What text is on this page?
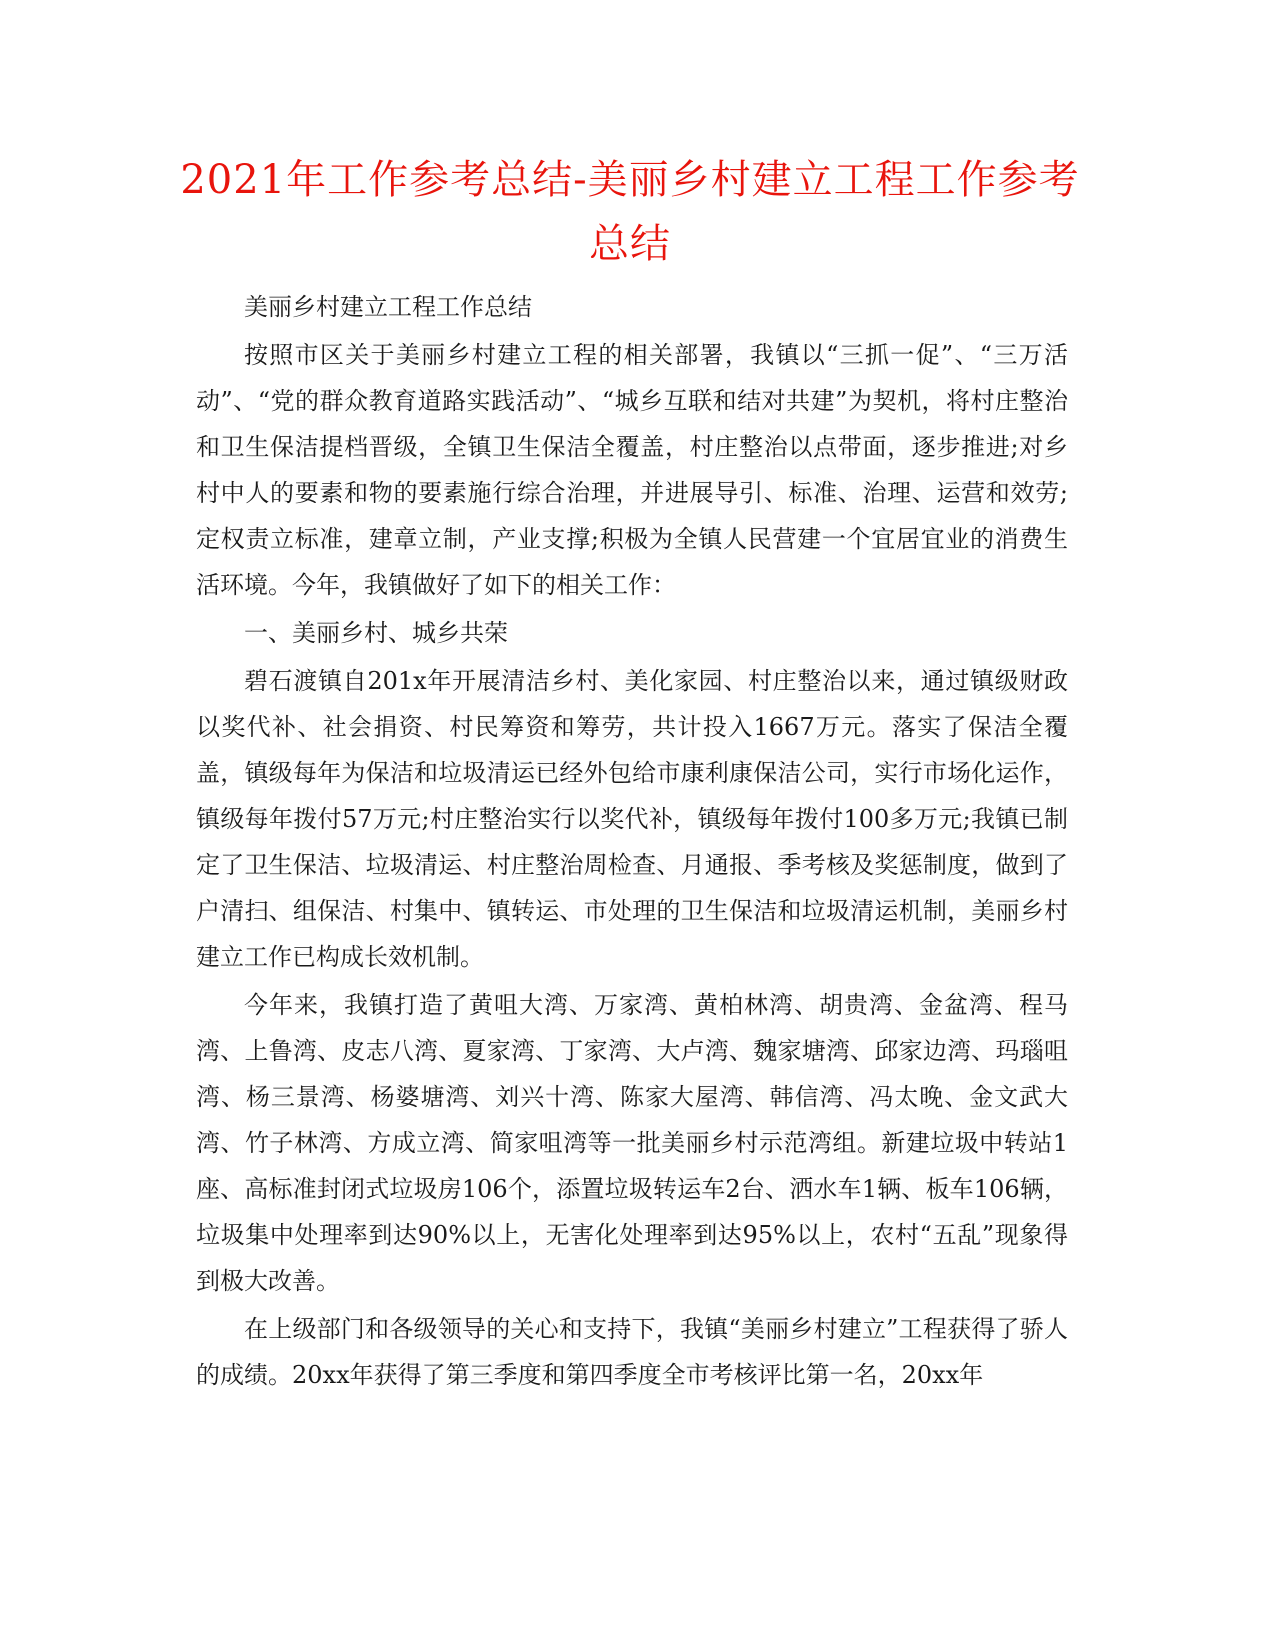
2021年工作参考总结-美丽乡村建立工程工作参考总结

美丽乡村建立工程工作总结

按照市区关于美丽乡村建立工程的相关部署，我镇以“三抓一促”、“三万活动”、“党的群众教育道路实践活动”、“城乡互联和结对共建”为契机，将村庄整治和卫生保洁提档晋级，全镇卫生保洁全覆盖，村庄整治以点带面，逐步推进;对乡村中人的要素和物的要素施行综合治理，并进展导引、标准、治理、运营和效劳;定权责立标准，建章立制，产业支撑;积极为全镇人民营建一个宜居宜业的消费生活环境。今年，我镇做好了如下的相关工作：

一、美丽乡村、城乡共荣

碧石渡镇自201x年开展清洁乡村、美化家园、村庄整治以来，通过镇级财政以奖代补、社会捐资、村民筹资和筹劳，共计投入1667万元。落实了保洁全覆盖，镇级每年为保洁和垃圾清运已经外包给市康利康保洁公司，实行市场化运作，镇级每年拨付57万元;村庄整治实行以奖代补，镇级每年拨付100多万元;我镇已制定了卫生保洁、垃圾清运、村庄整治周检查、月通报、季考核及奖惩制度，做到了户清扫、组保洁、村集中、镇转运、市处理的卫生保洁和垃圾清运机制，美丽乡村建立工作已构成长效机制。

今年来，我镇打造了黄咀大湾、万家湾、黄柏林湾、胡贵湾、金盆湾、程马湾、上鲁湾、皮志八湾、夏家湾、丁家湾、大卢湾、魏家塘湾、邱家边湾、玛瑙咀湾、杨三景湾、杨婆塘湾、刘兴十湾、陈家大屋湾、韩信湾、冯太晚、金文武大湾、竹子林湾、方成立湾、简家咀湾等一批美丽乡村示范湾组。新建垃圾中转站1座、高标准封闭式垃圾房106个，添置垃圾转运车2台、洒水车1辆、板车106辆，垃圾集中处理率到达90%以上，无害化处理率到达95%以上，农村“五乱”现象得到极大改善。

在上级部门和各级领导的关心和支持下，我镇“美丽乡村建立”工程获得了骄人的成绩。20xx年获得了第三季度和第四季度全市考核评比第一名，20xx年
